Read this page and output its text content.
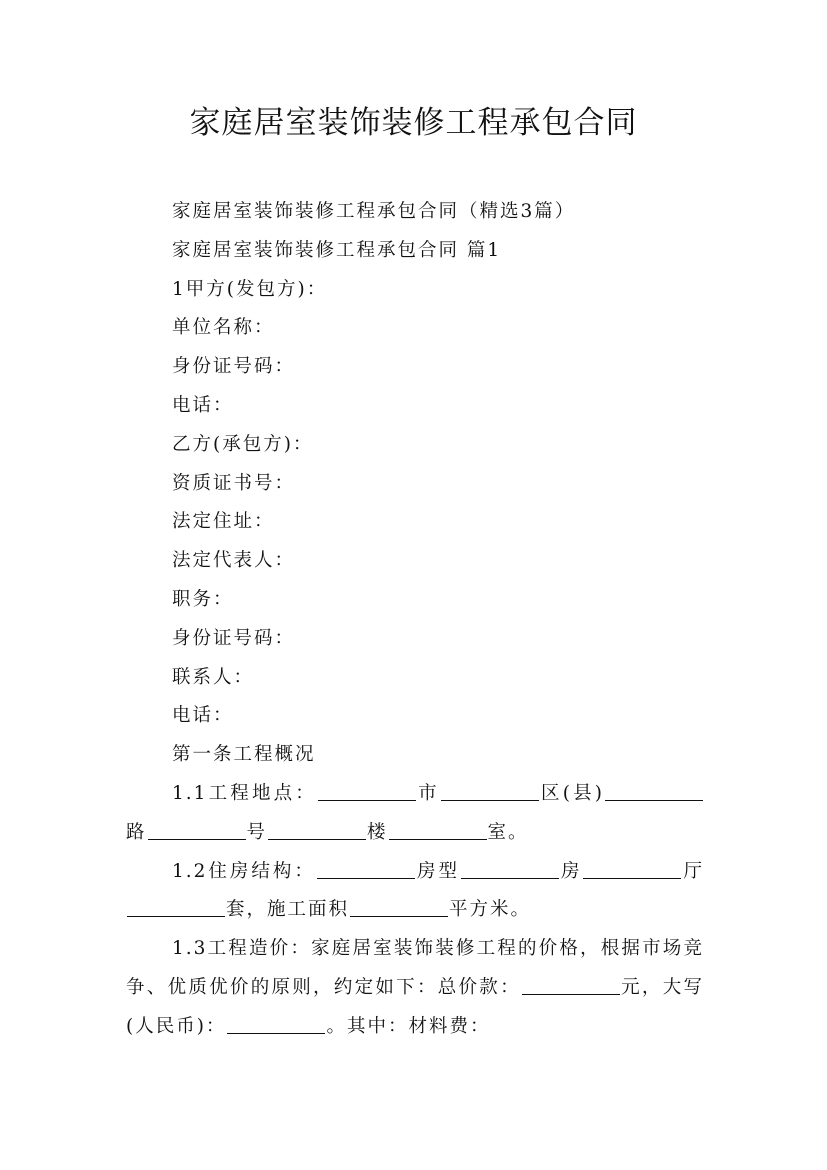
家庭居室装饰装修工程承包合同
家庭居室装饰装修工程承包合同（精选3篇）
家庭居室装饰装修工程承包合同 篇1
1甲方(发包方)：
单位名称：
身份证号码：
电话：
乙方(承包方)：
资质证书号：
法定住址：
法定代表人：
职务：
身份证号码：
联系人：
电话：
第一条工程概况
1.1工程地点：	市	区(县)路	号	楼	室。
1.2住房结构：	房型	房	厅套，施工面积	平方米。
1.3工程造价：家庭居室装饰装修工程的价格，根据市场竞争、优质优价的原则，约定如下：总价款：	元，大写(人民币)：	。其中：材料费：
